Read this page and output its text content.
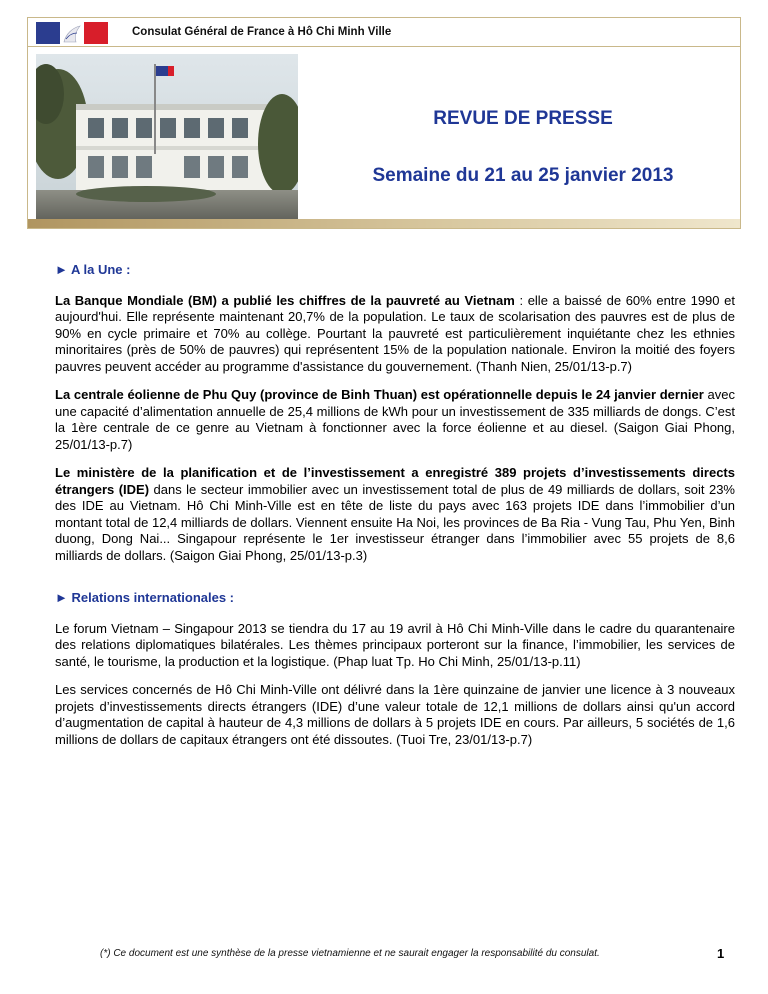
Consulat Général de France à Hô Chi Minh Ville
REVUE DE PRESSE
Semaine du 21 au 25 janvier 2013
► A la Une :

La Banque Mondiale (BM) a publié les chiffres de la pauvreté au Vietnam : elle a baissé de 60% entre 1990 et aujourd'hui. Elle représente maintenant 20,7% de la population. Le taux de scolarisation des pauvres est de plus de 90% en cycle primaire et 70% au collège. Pourtant la pauvreté est particulièrement inquiétante chez les ethnies minoritaires (près de 50% de pauvres) qui représentent 15% de la population nationale. Environ la moitié des foyers pauvres peuvent accéder au programme d'assistance du gouvernement. (Thanh Nien, 25/01/13-p.7)

La centrale éolienne de Phu Quy (province de Binh Thuan) est opérationnelle depuis le 24 janvier dernier avec une capacité d’alimentation annuelle de 25,4 millions de kWh pour un investissement de 335 milliards de dongs. C’est la 1ère centrale de ce genre au Vietnam à fonctionner avec la force éolienne et au diesel. (Saigon Giai Phong, 25/01/13-p.7)

Le ministère de la planification et de l’investissement a enregistré 389 projets d’investissements directs étrangers (IDE) dans le secteur immobilier avec un investissement total de plus de 49 milliards de dollars, soit 23% des IDE au Vietnam. Hô Chi Minh-Ville est en tête de liste du pays avec 163 projets IDE dans l’immobilier d’un montant total de 12,4 milliards de dollars. Viennent ensuite Ha Noi, les provinces de Ba Ria - Vung Tau, Phu Yen, Binh duong, Dong Nai... Singapour représente le 1er investisseur étranger dans l’immobilier avec 55 projets de 8,6 milliards de dollars. (Saigon Giai Phong, 25/01/13-p.3)

► Relations internationales :

Le forum Vietnam – Singapour 2013 se tiendra du 17 au 19 avril à Hô Chi Minh-Ville dans le cadre du quarantenaire des relations diplomatiques bilatérales. Les thèmes principaux porteront sur la finance, l’immobilier, les services de santé, le tourisme, la production et la logistique. (Phap luat Tp. Ho Chi Minh, 25/01/13-p.11)

Les services concernés de Hô Chi Minh-Ville ont délivré dans la 1ère quinzaine de janvier une licence à 3 nouveaux projets d’investissements directs étrangers (IDE) d’une valeur totale de 12,1 millions de dollars ainsi qu'un accord d’augmentation de capital à hauteur de 4,3 millions de dollars à 5 projets IDE en cours. Par ailleurs, 5 sociétés de 1,6 millions de dollars de capitaux étrangers ont été dissoutes. (Tuoi Tre, 23/01/13-p.7)

(*) Ce document est une synthèse de la presse vietnamienne et ne saurait engager la responsabilité du consulat.	1
